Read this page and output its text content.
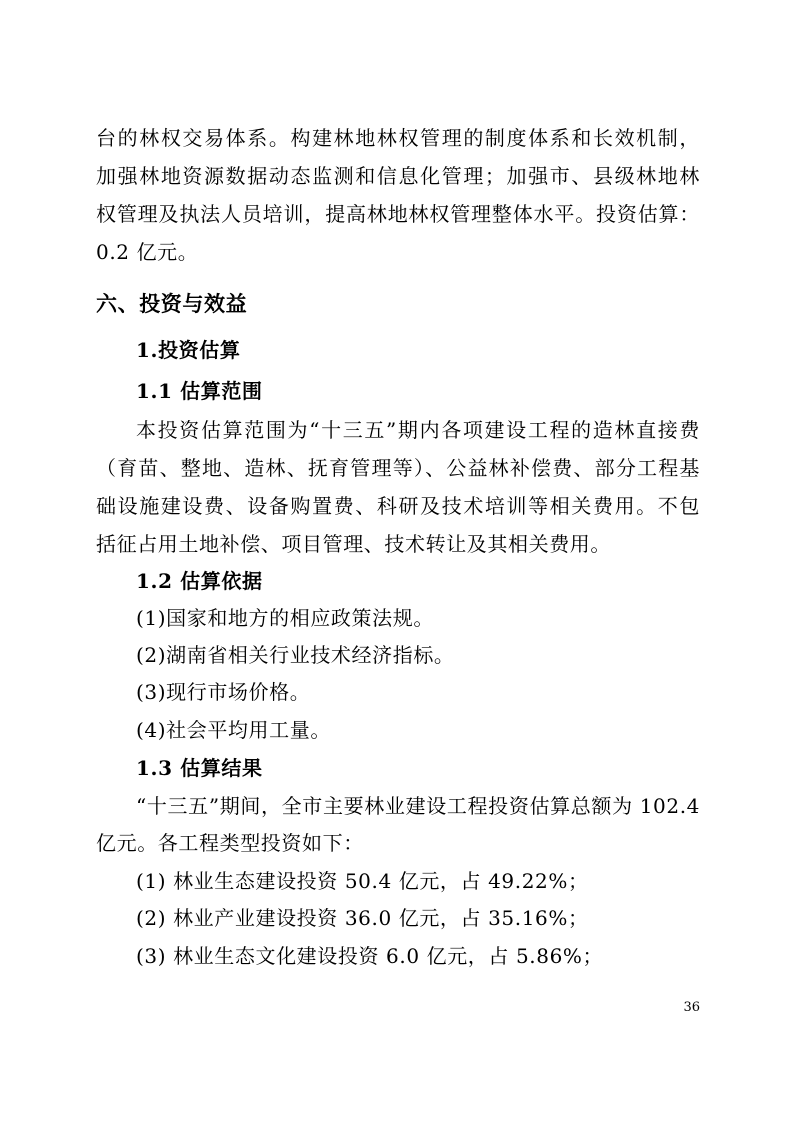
台的林权交易体系。构建林地林权管理的制度体系和长效机制，
加强林地资源数据动态监测和信息化管理；加强市、县级林地林
权管理及执法人员培训，提高林地林权管理整体水平。投资估算：
0.2 亿元。
六、投资与效益
1.投资估算
1.1 估算范围
本投资估算范围为“十三五”期内各项建设工程的造林直接费
（育苗、整地、造林、抚育管理等）、公益林补偿费、部分工程基
础设施建设费、设备购置费、科研及技术培训等相关费用。不包
括征占用土地补偿、项目管理、技术转让及其相关费用。
1.2 估算依据
(1)国家和地方的相应政策法规。
(2)湖南省相关行业技术经济指标。
(3)现行市场价格。
(4)社会平均用工量。
1.3 估算结果
“十三五”期间，全市主要林业建设工程投资估算总额为 102.4
亿元。各工程类型投资如下：
(1) 林业生态建设投资 50.4 亿元，占 49.22%；
(2) 林业产业建设投资 36.0 亿元，占 35.16%；
(3) 林业生态文化建设投资 6.0 亿元，占 5.86%；
36
